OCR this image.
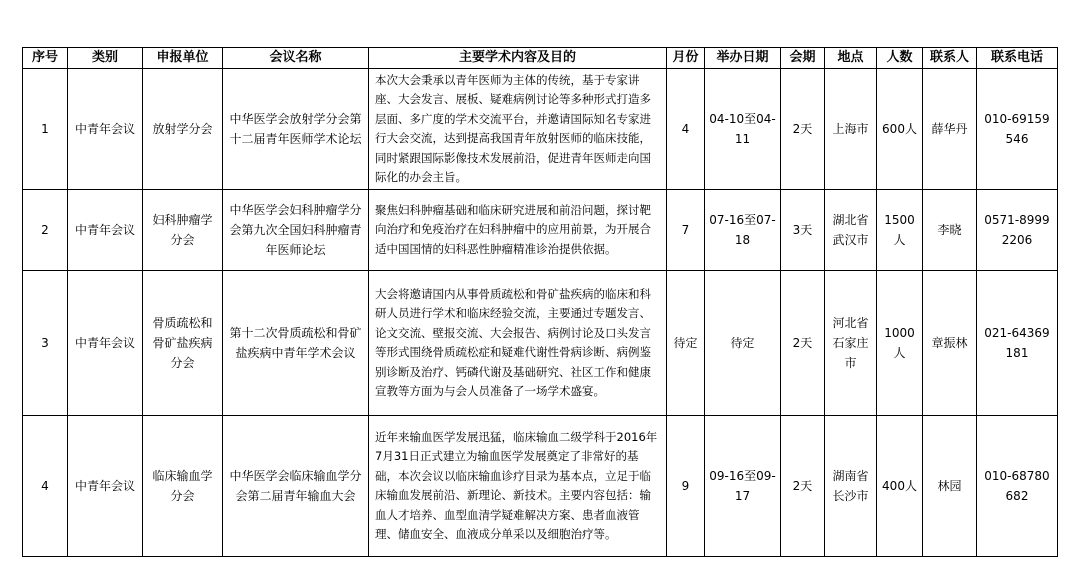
序号	类别	申报单位	会议名称	主要学术内容及目的	月份	举办日期	会期	地点	人数	联系人	联系电话
1	中青年会议	放射学分会	中华医学会放射学分会第十二届青年医师学术论坛	本次大会秉承以青年医师为主体的传统，基于专家讲座、大会发言、展板、疑难病例讨论等多种形式打造多层面、多广度的学术交流平台，并邀请国际知名专家进行大会交流，达到提高我国青年放射医师的临床技能，同时紧跟国际影像技术发展前沿，促进青年医师走向国际化的办会主旨。	4	04-10至04-11	2天	上海市	600人	薛华丹	010-69159546
2	中青年会议	妇科肿瘤学分会	中华医学会妇科肿瘤学分会第九次全国妇科肿瘤青年医师论坛	聚焦妇科肿瘤基础和临床研究进展和前沿问题，探讨靶向治疗和免疫治疗在妇科肿瘤中的应用前景，为开展合适中国国情的妇科恶性肿瘤精准诊治提供依据。	7	07-16至07-18	3天	湖北省武汉市	1500人	李晓	0571-89992206
3	中青年会议	骨质疏松和骨矿盐疾病分会	第十二次骨质疏松和骨矿盐疾病中青年学术会议	大会将邀请国内从事骨质疏松和骨矿盐疾病的临床和科研人员进行学术和临床经验交流，主要通过专题发言、论文交流、壁报交流、大会报告、病例讨论及口头发言等形式围绕骨质疏松症和疑难代谢性骨病诊断、病例鉴别诊断及治疗、钙磷代谢及基础研究、社区工作和健康宣教等方面为与会人员准备了一场学术盛宴。	待定	待定	2天	河北省石家庄市	1000人	章振林	021-64369181
4	中青年会议	临床输血学分会	中华医学会临床输血学分会第二届青年输血大会	近年来输血医学发展迅猛，临床输血二级学科于2016年7月31日正式建立为输血医学发展奠定了非常好的基础，本次会议以临床输血诊疗目录为基本点，立足于临床输血发展前沿、新理论、新技术。主要内容包括：输血人才培养、血型血清学疑难解决方案、患者血液管理、储血安全、血液成分单采以及细胞治疗等。	9	09-16至09-17	2天	湖南省长沙市	400人	林园	010-68780682
